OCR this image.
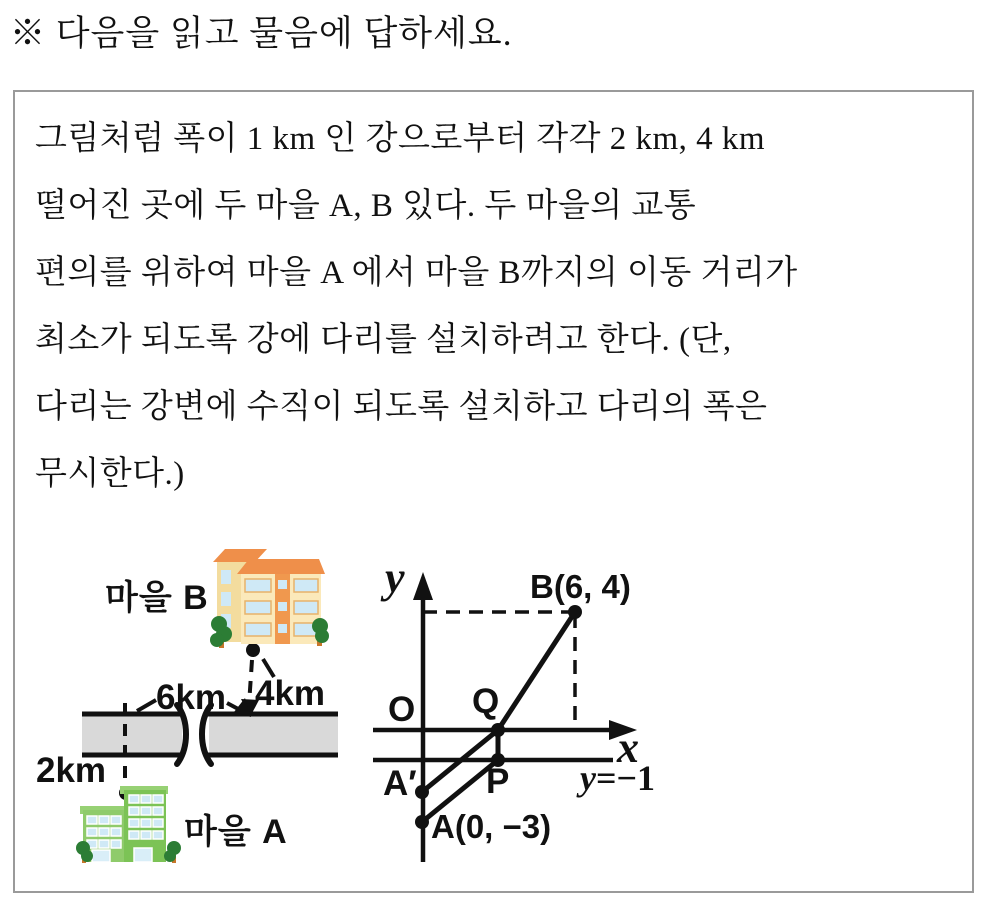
※ 다음을 읽고 물음에 답하세요.
그림처럼 폭이 1 km 인 강으로부터 각각 2 km, 4 km
떨어진 곳에 두 마을 A, B 있다. 두 마을의 교통
편의를 위하여 마을 A 에서 마을 B까지의 이동 거리가
최소가 되도록 강에 다리를 설치하려고 한다. (단,
다리는 강변에 수직이 되도록 설치하고 다리의 폭은
무시한다.)
마을 B
6km 4km
2km
마을 A
y
x
O Q
P
A′
A(0, −3)
B(6, 4)
y=−1
